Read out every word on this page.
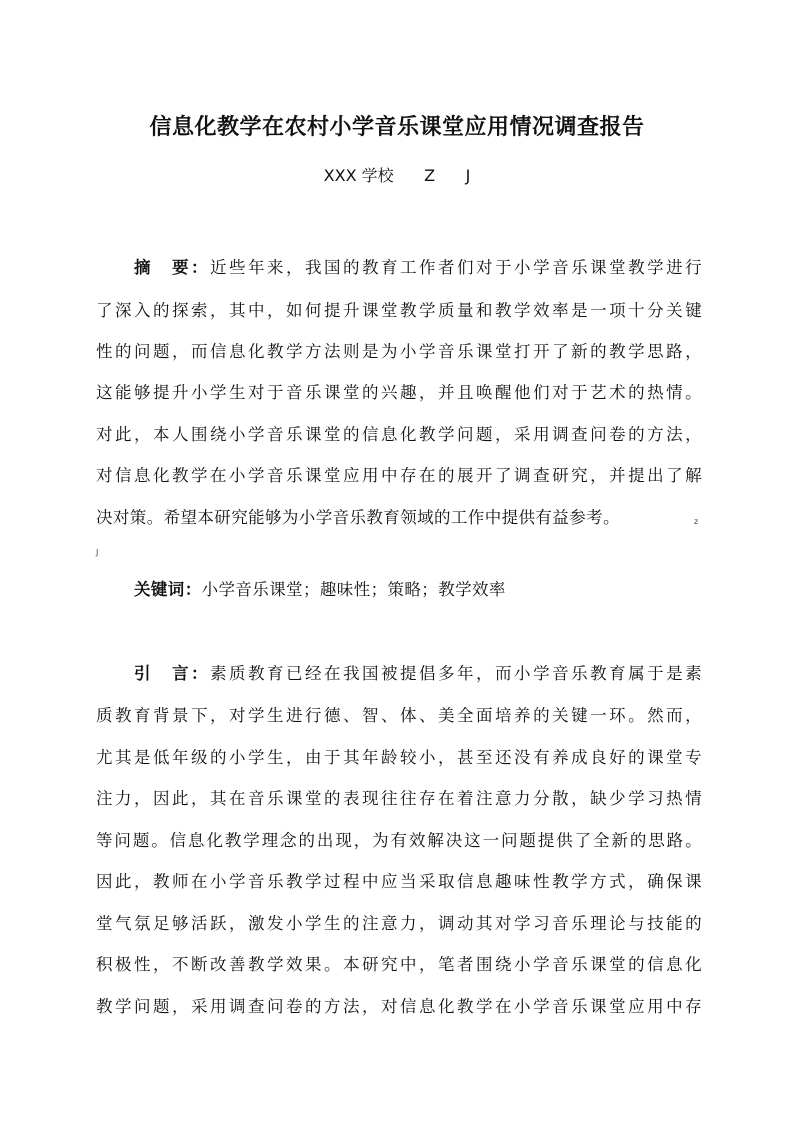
信息化教学在农村小学音乐课堂应用情况调查报告
XXX 学校      Z      J
摘　要：近些年来，我国的教育工作者们对于小学音乐课堂教学进行
了深入的探索，其中，如何提升课堂教学质量和教学效率是一项十分关键
性的问题，而信息化教学方法则是为小学音乐课堂打开了新的教学思路，
这能够提升小学生对于音乐课堂的兴趣，并且唤醒他们对于艺术的热情。
对此，本人围绕小学音乐课堂的信息化教学问题，采用调查问卷的方法，
对信息化教学在小学音乐课堂应用中存在的展开了调查研究，并提出了解
决对策。希望本研究能够为小学音乐教育领域的工作中提供有益参考。	z
J
关键词：小学音乐课堂；趣味性；策略；教学效率
引　言：素质教育已经在我国被提倡多年，而小学音乐教育属于是素
质教育背景下，对学生进行德、智、体、美全面培养的关键一环。然而，
尤其是低年级的小学生，由于其年龄较小，甚至还没有养成良好的课堂专
注力，因此，其在音乐课堂的表现往往存在着注意力分散，缺少学习热情
等问题。信息化教学理念的出现，为有效解决这一问题提供了全新的思路。
因此，教师在小学音乐教学过程中应当采取信息趣味性教学方式，确保课
堂气氛足够活跃，激发小学生的注意力，调动其对学习音乐理论与技能的
积极性，不断改善教学效果。本研究中，笔者围绕小学音乐课堂的信息化
教学问题，采用调查问卷的方法，对信息化教学在小学音乐课堂应用中存
